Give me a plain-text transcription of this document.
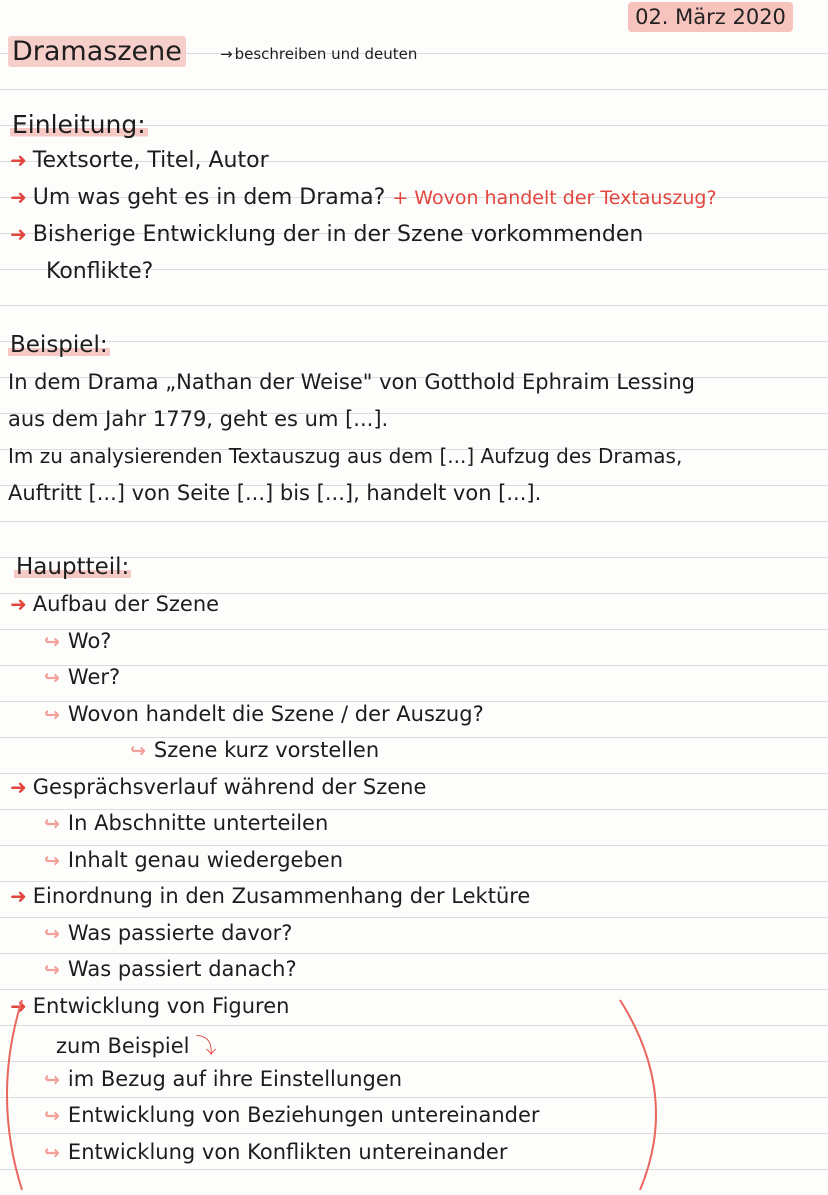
02. März 2020
Dramaszene	→ beschreiben und deuten
Einleitung:
➜ Textsorte, Titel, Autor
➜ Um was geht es in dem Drama? + Wovon handelt der Textauszug?
➜ Bisherige Entwicklung der in der Szene vorkommenden
Konflikte?
Beispiel:
In dem Drama „Nathan der Weise" von Gotthold Ephraim Lessing
aus dem Jahr 1779, geht es um [...].
Im zu analysierenden Textauszug aus dem [...] Aufzug des Dramas,
Auftritt [...] von Seite [...] bis [...], handelt von [...].
Hauptteil:
➜ Aufbau der Szene
↪ Wo?
↪ Wer?
↪ Wovon handelt die Szene / der Auszug?
↪ Szene kurz vorstellen
➜ Gesprächsverlauf während der Szene
↪ In Abschnitte unterteilen
↪ Inhalt genau wiedergeben
➜ Einordnung in den Zusammenhang der Lektüre
↪ Was passierte davor?
↪ Was passiert danach?
➜ Entwicklung von Figuren
zum Beispiel ⤵
↪ im Bezug auf ihre Einstellungen
↪ Entwicklung von Beziehungen untereinander
↪ Entwicklung von Konflikten untereinander
